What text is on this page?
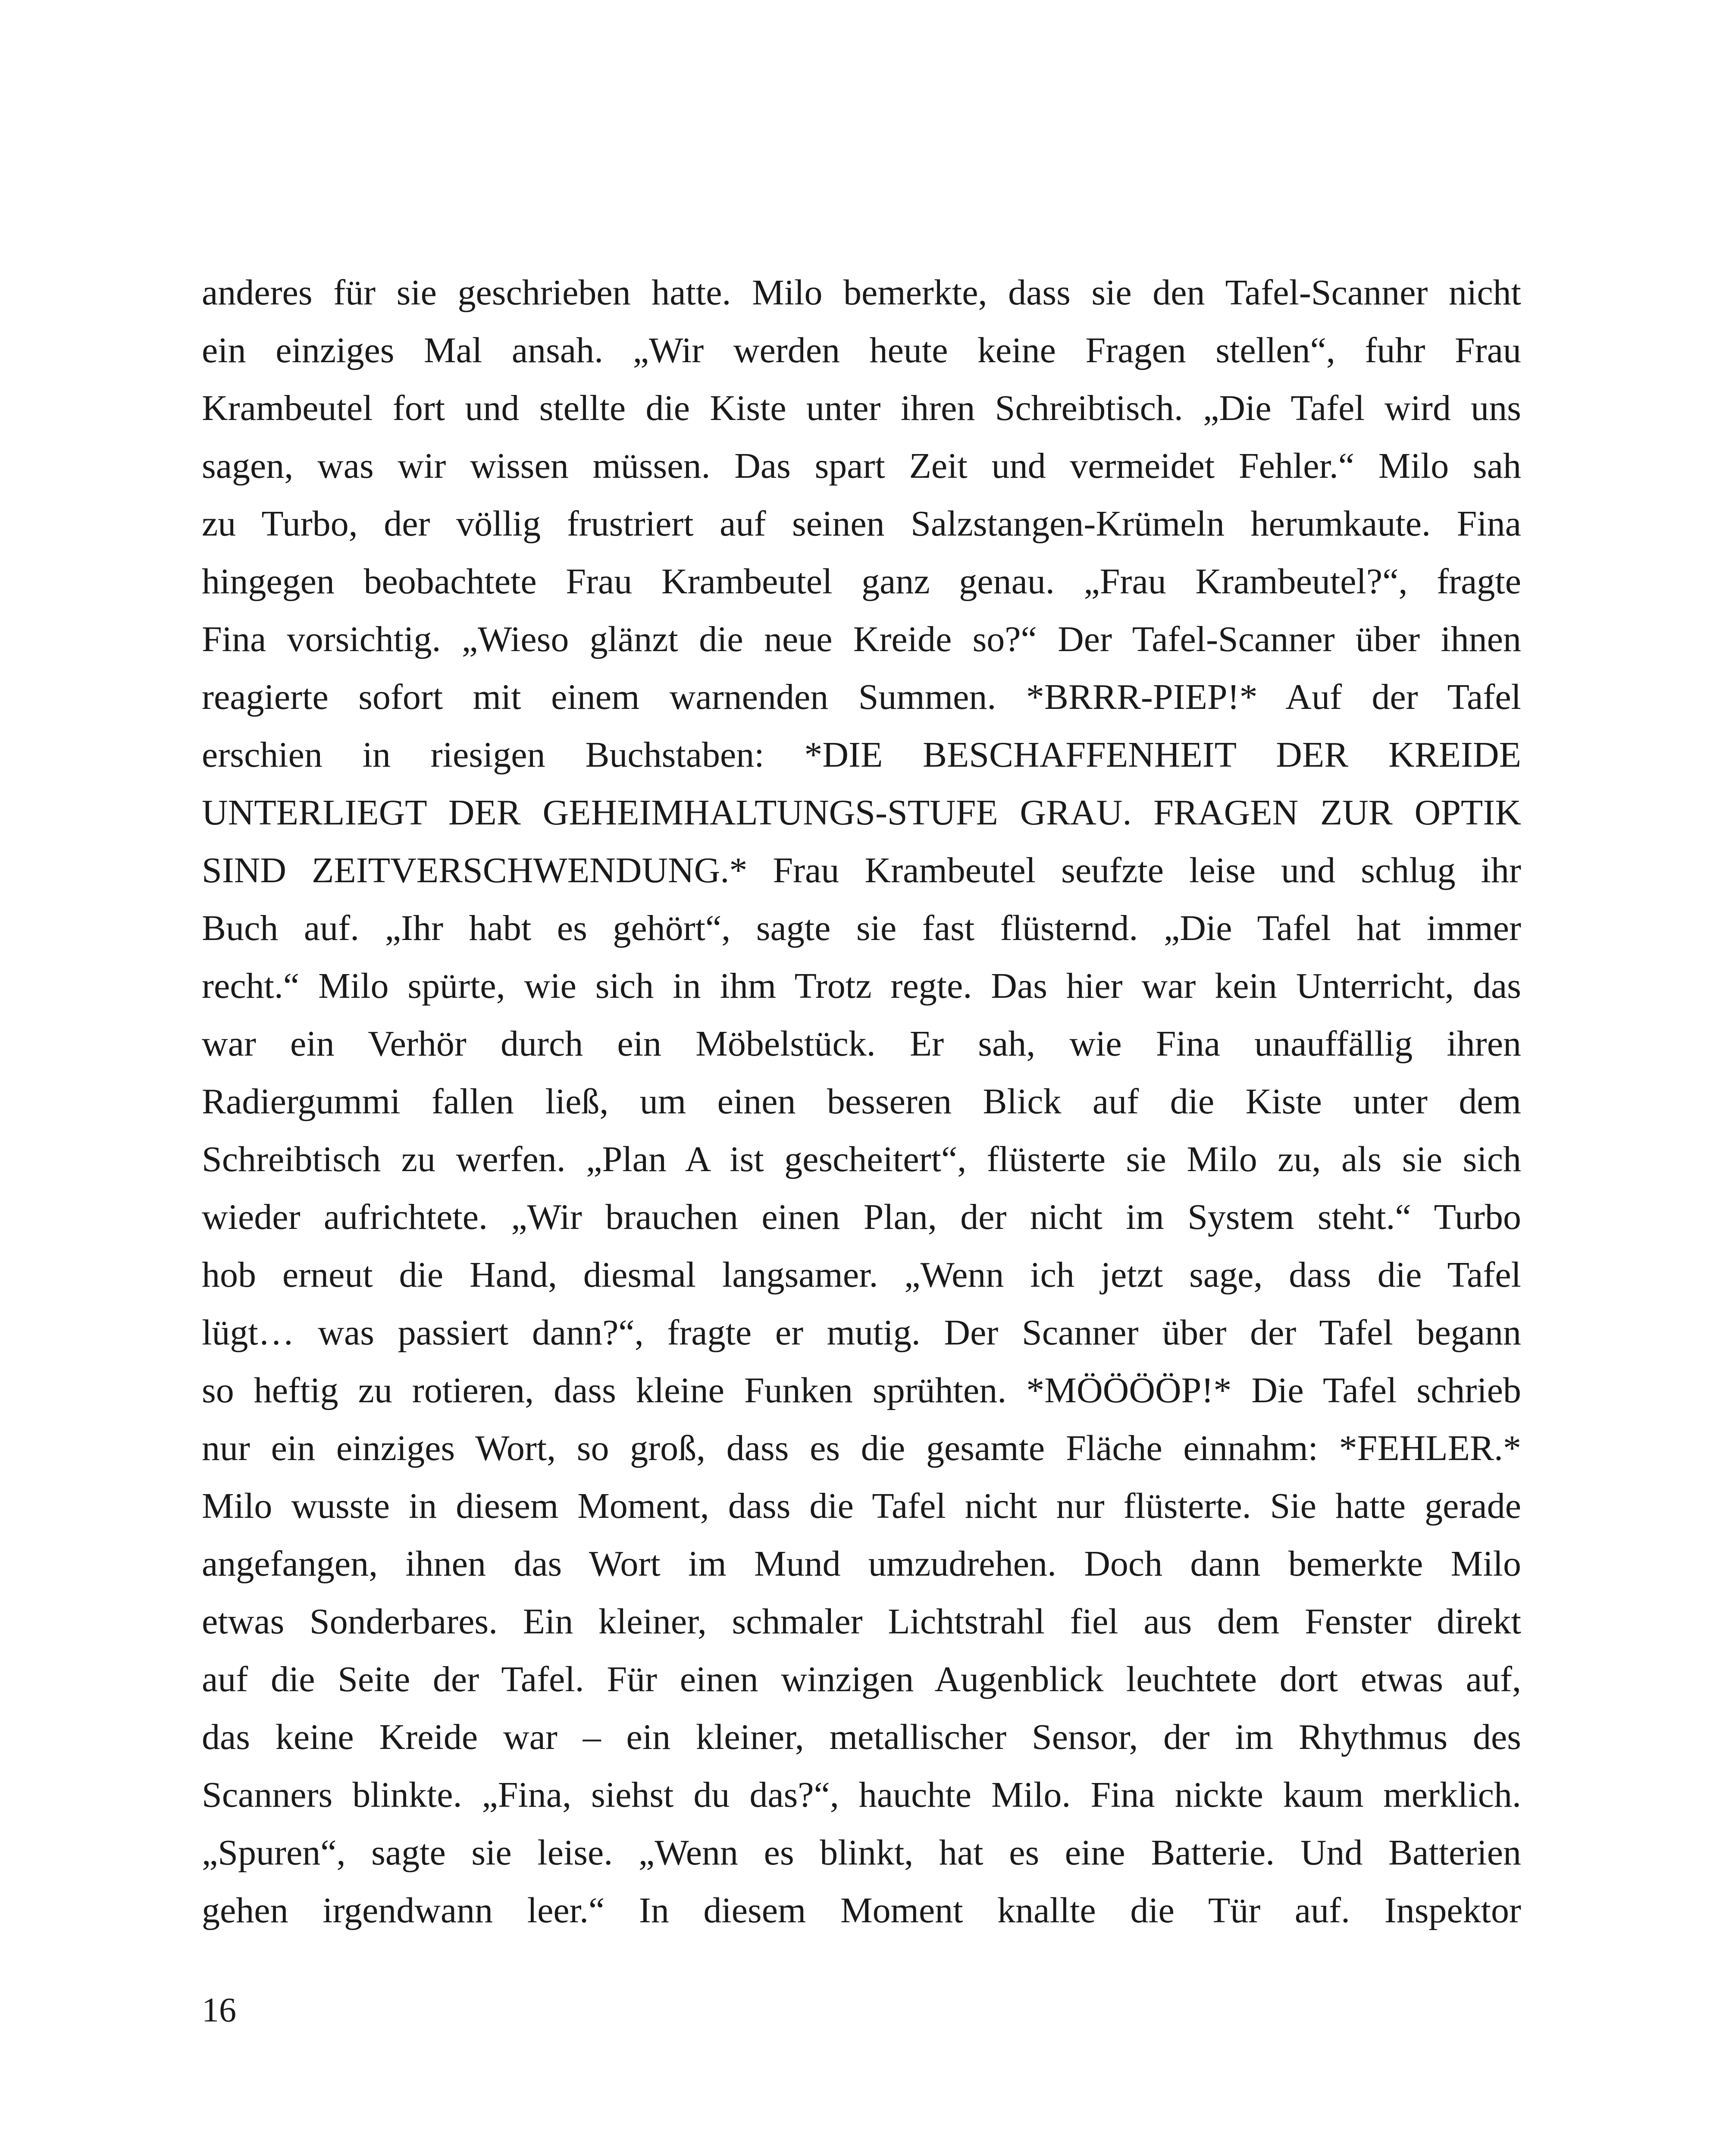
anderes für sie geschrieben hatte. Milo bemerkte, dass sie den Tafel-Scanner nicht
ein einziges Mal ansah. „Wir werden heute keine Fragen stellen“, fuhr Frau
Krambeutel fort und stellte die Kiste unter ihren Schreibtisch. „Die Tafel wird uns
sagen, was wir wissen müssen. Das spart Zeit und vermeidet Fehler.“ Milo sah
zu Turbo, der völlig frustriert auf seinen Salzstangen-Krümeln herumkaute. Fina
hingegen beobachtete Frau Krambeutel ganz genau. „Frau Krambeutel?“, fragte
Fina vorsichtig. „Wieso glänzt die neue Kreide so?“ Der Tafel-Scanner über ihnen
reagierte sofort mit einem warnenden Summen. *BRRR-PIEP!* Auf der Tafel
erschien in riesigen Buchstaben: *DIE BESCHAFFENHEIT DER KREIDE
UNTERLIEGT DER GEHEIMHALTUNGS-STUFE GRAU. FRAGEN ZUR OPTIK
SIND ZEITVERSCHWENDUNG.* Frau Krambeutel seufzte leise und schlug ihr
Buch auf. „Ihr habt es gehört“, sagte sie fast flüsternd. „Die Tafel hat immer
recht.“ Milo spürte, wie sich in ihm Trotz regte. Das hier war kein Unterricht, das
war ein Verhör durch ein Möbelstück. Er sah, wie Fina unauffällig ihren
Radiergummi fallen ließ, um einen besseren Blick auf die Kiste unter dem
Schreibtisch zu werfen. „Plan A ist gescheitert“, flüsterte sie Milo zu, als sie sich
wieder aufrichtete. „Wir brauchen einen Plan, der nicht im System steht.“ Turbo
hob erneut die Hand, diesmal langsamer. „Wenn ich jetzt sage, dass die Tafel
lügt… was passiert dann?“, fragte er mutig. Der Scanner über der Tafel begann
so heftig zu rotieren, dass kleine Funken sprühten. *MÖÖÖÖP!* Die Tafel schrieb
nur ein einziges Wort, so groß, dass es die gesamte Fläche einnahm: *FEHLER.*
Milo wusste in diesem Moment, dass die Tafel nicht nur flüsterte. Sie hatte gerade
angefangen, ihnen das Wort im Mund umzudrehen. Doch dann bemerkte Milo
etwas Sonderbares. Ein kleiner, schmaler Lichtstrahl fiel aus dem Fenster direkt
auf die Seite der Tafel. Für einen winzigen Augenblick leuchtete dort etwas auf,
das keine Kreide war – ein kleiner, metallischer Sensor, der im Rhythmus des
Scanners blinkte. „Fina, siehst du das?“, hauchte Milo. Fina nickte kaum merklich.
„Spuren“, sagte sie leise. „Wenn es blinkt, hat es eine Batterie. Und Batterien
gehen irgendwann leer.“ In diesem Moment knallte die Tür auf. Inspektor
16
